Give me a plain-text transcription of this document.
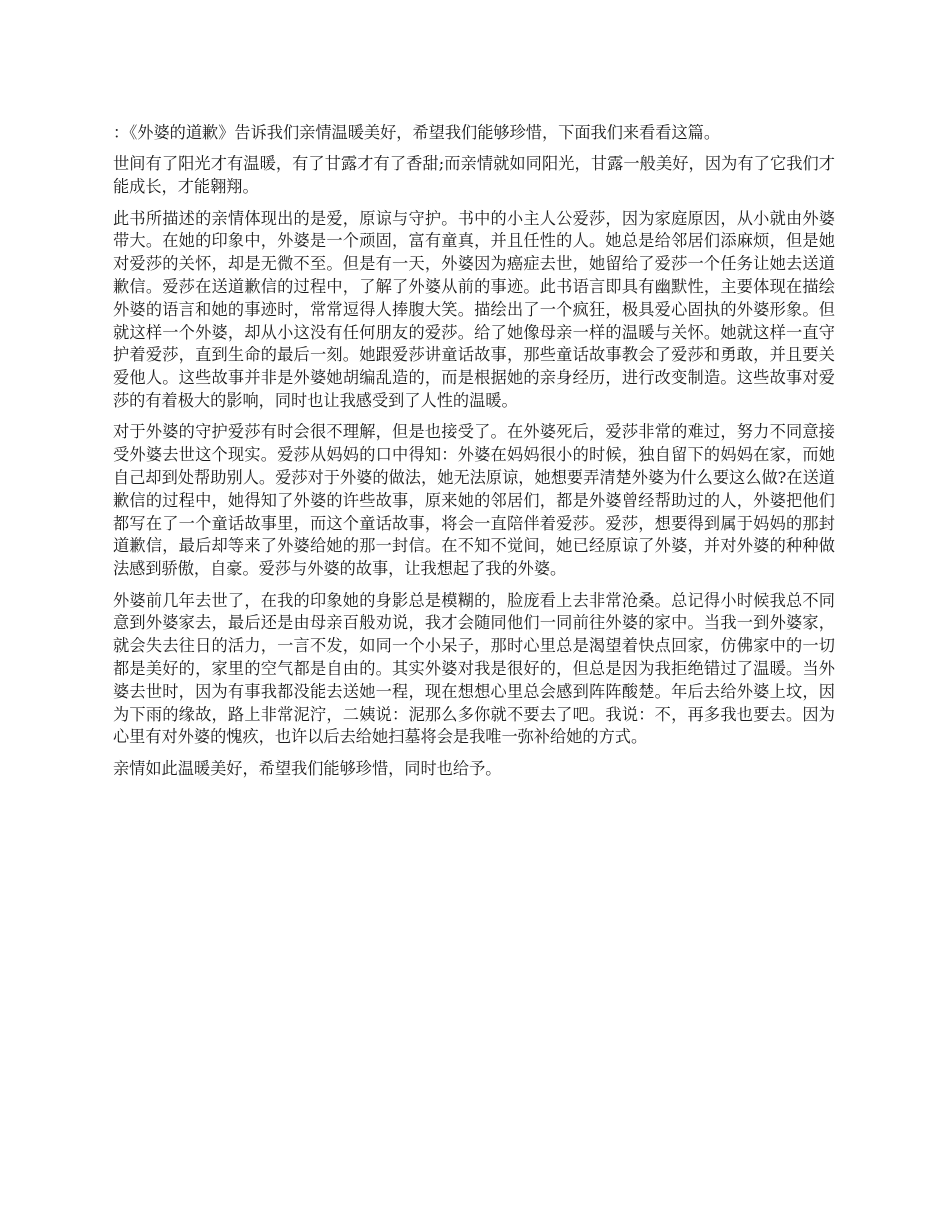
：《外婆的道歉》告诉我们亲情温暖美好，希望我们能够珍惜，下面我们来看看这篇。

世间有了阳光才有温暖，有了甘露才有了香甜;而亲情就如同阳光，甘露一般美好，因为有了它我们才能成长，才能翱翔。

此书所描述的亲情体现出的是爱，原谅与守护。书中的小主人公爱莎，因为家庭原因，从小就由外婆带大。在她的印象中，外婆是一个顽固，富有童真，并且任性的人。她总是给邻居们添麻烦，但是她对爱莎的关怀，却是无微不至。但是有一天，外婆因为癌症去世，她留给了爱莎一个任务让她去送道歉信。爱莎在送道歉信的过程中，了解了外婆从前的事迹。此书语言即具有幽默性，主要体现在描绘外婆的语言和她的事迹时，常常逗得人捧腹大笑。描绘出了一个疯狂，极具爱心固执的外婆形象。但就这样一个外婆，却从小这没有任何朋友的爱莎。给了她像母亲一样的温暖与关怀。她就这样一直守护着爱莎，直到生命的最后一刻。她跟爱莎讲童话故事，那些童话故事教会了爱莎和勇敢，并且要关爱他人。这些故事并非是外婆她胡编乱造的，而是根据她的亲身经历，进行改变制造。这些故事对爱莎的有着极大的影响，同时也让我感受到了人性的温暖。

对于外婆的守护爱莎有时会很不理解，但是也接受了。在外婆死后，爱莎非常的难过，努力不同意接受外婆去世这个现实。爱莎从妈妈的口中得知：外婆在妈妈很小的时候，独自留下的妈妈在家，而她自己却到处帮助别人。爱莎对于外婆的做法，她无法原谅，她想要弄清楚外婆为什么要这么做?在送道歉信的过程中，她得知了外婆的许些故事，原来她的邻居们，都是外婆曾经帮助过的人，外婆把他们都写在了一个童话故事里，而这个童话故事，将会一直陪伴着爱莎。爱莎，想要得到属于妈妈的那封道歉信，最后却等来了外婆给她的那一封信。在不知不觉间，她已经原谅了外婆，并对外婆的种种做法感到骄傲，自豪。爱莎与外婆的故事，让我想起了我的外婆。

外婆前几年去世了，在我的印象她的身影总是模糊的，脸庞看上去非常沧桑。总记得小时候我总不同意到外婆家去，最后还是由母亲百般劝说，我才会随同他们一同前往外婆的家中。当我一到外婆家，就会失去往日的活力，一言不发，如同一个小呆子，那时心里总是渴望着快点回家，仿佛家中的一切都是美好的，家里的空气都是自由的。其实外婆对我是很好的，但总是因为我拒绝错过了温暖。当外婆去世时，因为有事我都没能去送她一程，现在想想心里总会感到阵阵酸楚。年后去给外婆上坟，因为下雨的缘故，路上非常泥泞，二姨说：泥那么多你就不要去了吧。我说：不，再多我也要去。因为心里有对外婆的愧疚，也许以后去给她扫墓将会是我唯一弥补给她的方式。

亲情如此温暖美好，希望我们能够珍惜，同时也给予。
